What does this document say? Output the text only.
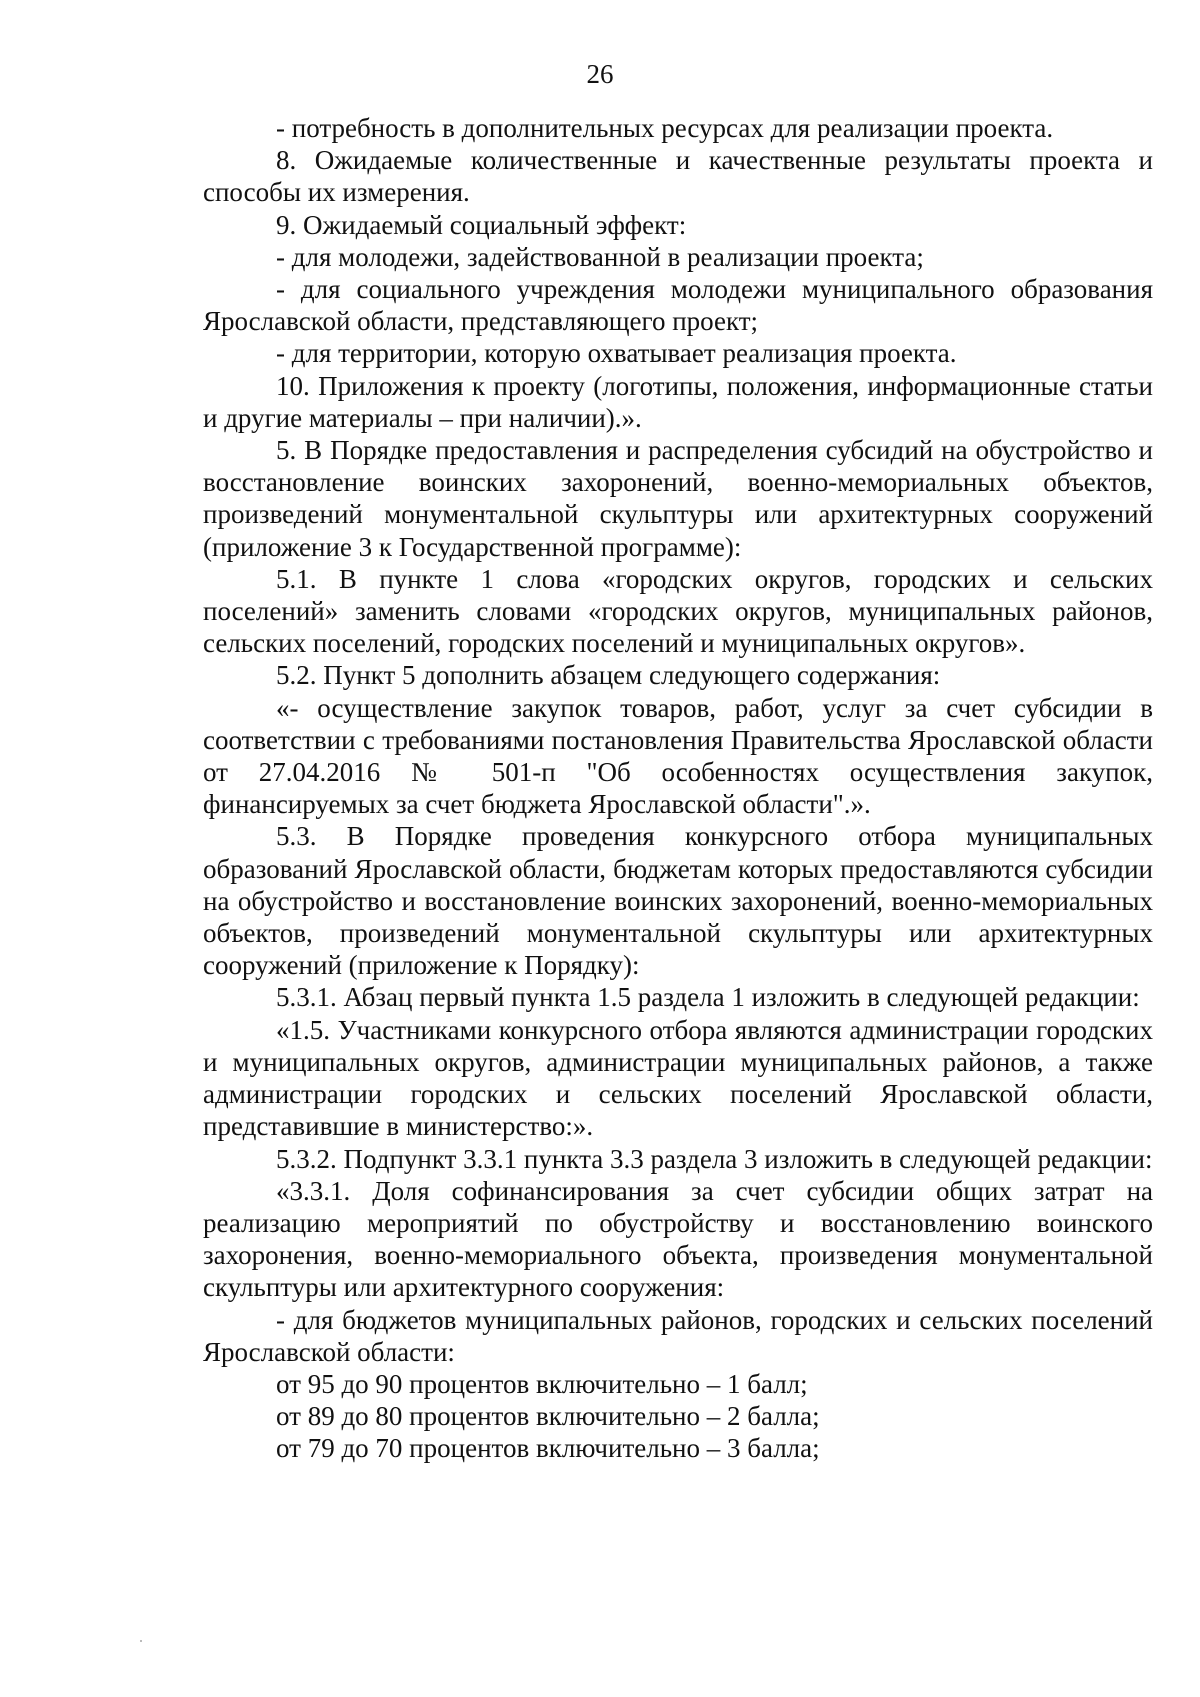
26

- потребность в дополнительных ресурсах для реализации проекта.

8. Ожидаемые количественные и качественные результаты проекта и способы их измерения.

9. Ожидаемый социальный эффект:

- для молодежи, задействованной в реализации проекта;

- для социального учреждения молодежи муниципального образования Ярославской области, представляющего проект;

- для территории, которую охватывает реализация проекта.

10. Приложения к проекту (логотипы, положения, информационные статьи и другие материалы – при наличии).».

5. В Порядке предоставления и распределения субсидий на обустройство и восстановление воинских захоронений, военно-мемориальных объектов, произведений монументальной скульптуры или архитектурных сооружений (приложение 3 к Государственной программе):

5.1. В пункте 1 слова «городских округов, городских и сельских поселений» заменить словами «городских округов, муниципальных районов, сельских поселений, городских поселений и муниципальных округов».

5.2. Пункт 5 дополнить абзацем следующего содержания:

«- осуществление закупок товаров, работ, услуг за счет субсидии в соответствии с требованиями постановления Правительства Ярославской области от 27.04.2016 № 501-п "Об особенностях осуществления закупок, финансируемых за счет бюджета Ярославской области".».

5.3. В Порядке проведения конкурсного отбора муниципальных образований Ярославской области, бюджетам которых предоставляются субсидии на обустройство и восстановление воинских захоронений, военно-мемориальных объектов, произведений монументальной скульптуры или архитектурных сооружений (приложение к Порядку):

5.3.1. Абзац первый пункта 1.5 раздела 1 изложить в следующей редакции:

«1.5. Участниками конкурсного отбора являются администрации городских и муниципальных округов, администрации муниципальных районов, а также администрации городских и сельских поселений Ярославской области, представившие в министерство:».

5.3.2. Подпункт 3.3.1 пункта 3.3 раздела 3 изложить в следующей редакции:

«3.3.1. Доля софинансирования за счет субсидии общих затрат на реализацию мероприятий по обустройству и восстановлению воинского захоронения, военно-мемориального объекта, произведения монументальной скульптуры или архитектурного сооружения:

- для бюджетов муниципальных районов, городских и сельских поселений Ярославской области:

от 95 до 90 процентов включительно – 1 балл;

от 89 до 80 процентов включительно – 2 балла;

от 79 до 70 процентов включительно – 3 балла;
